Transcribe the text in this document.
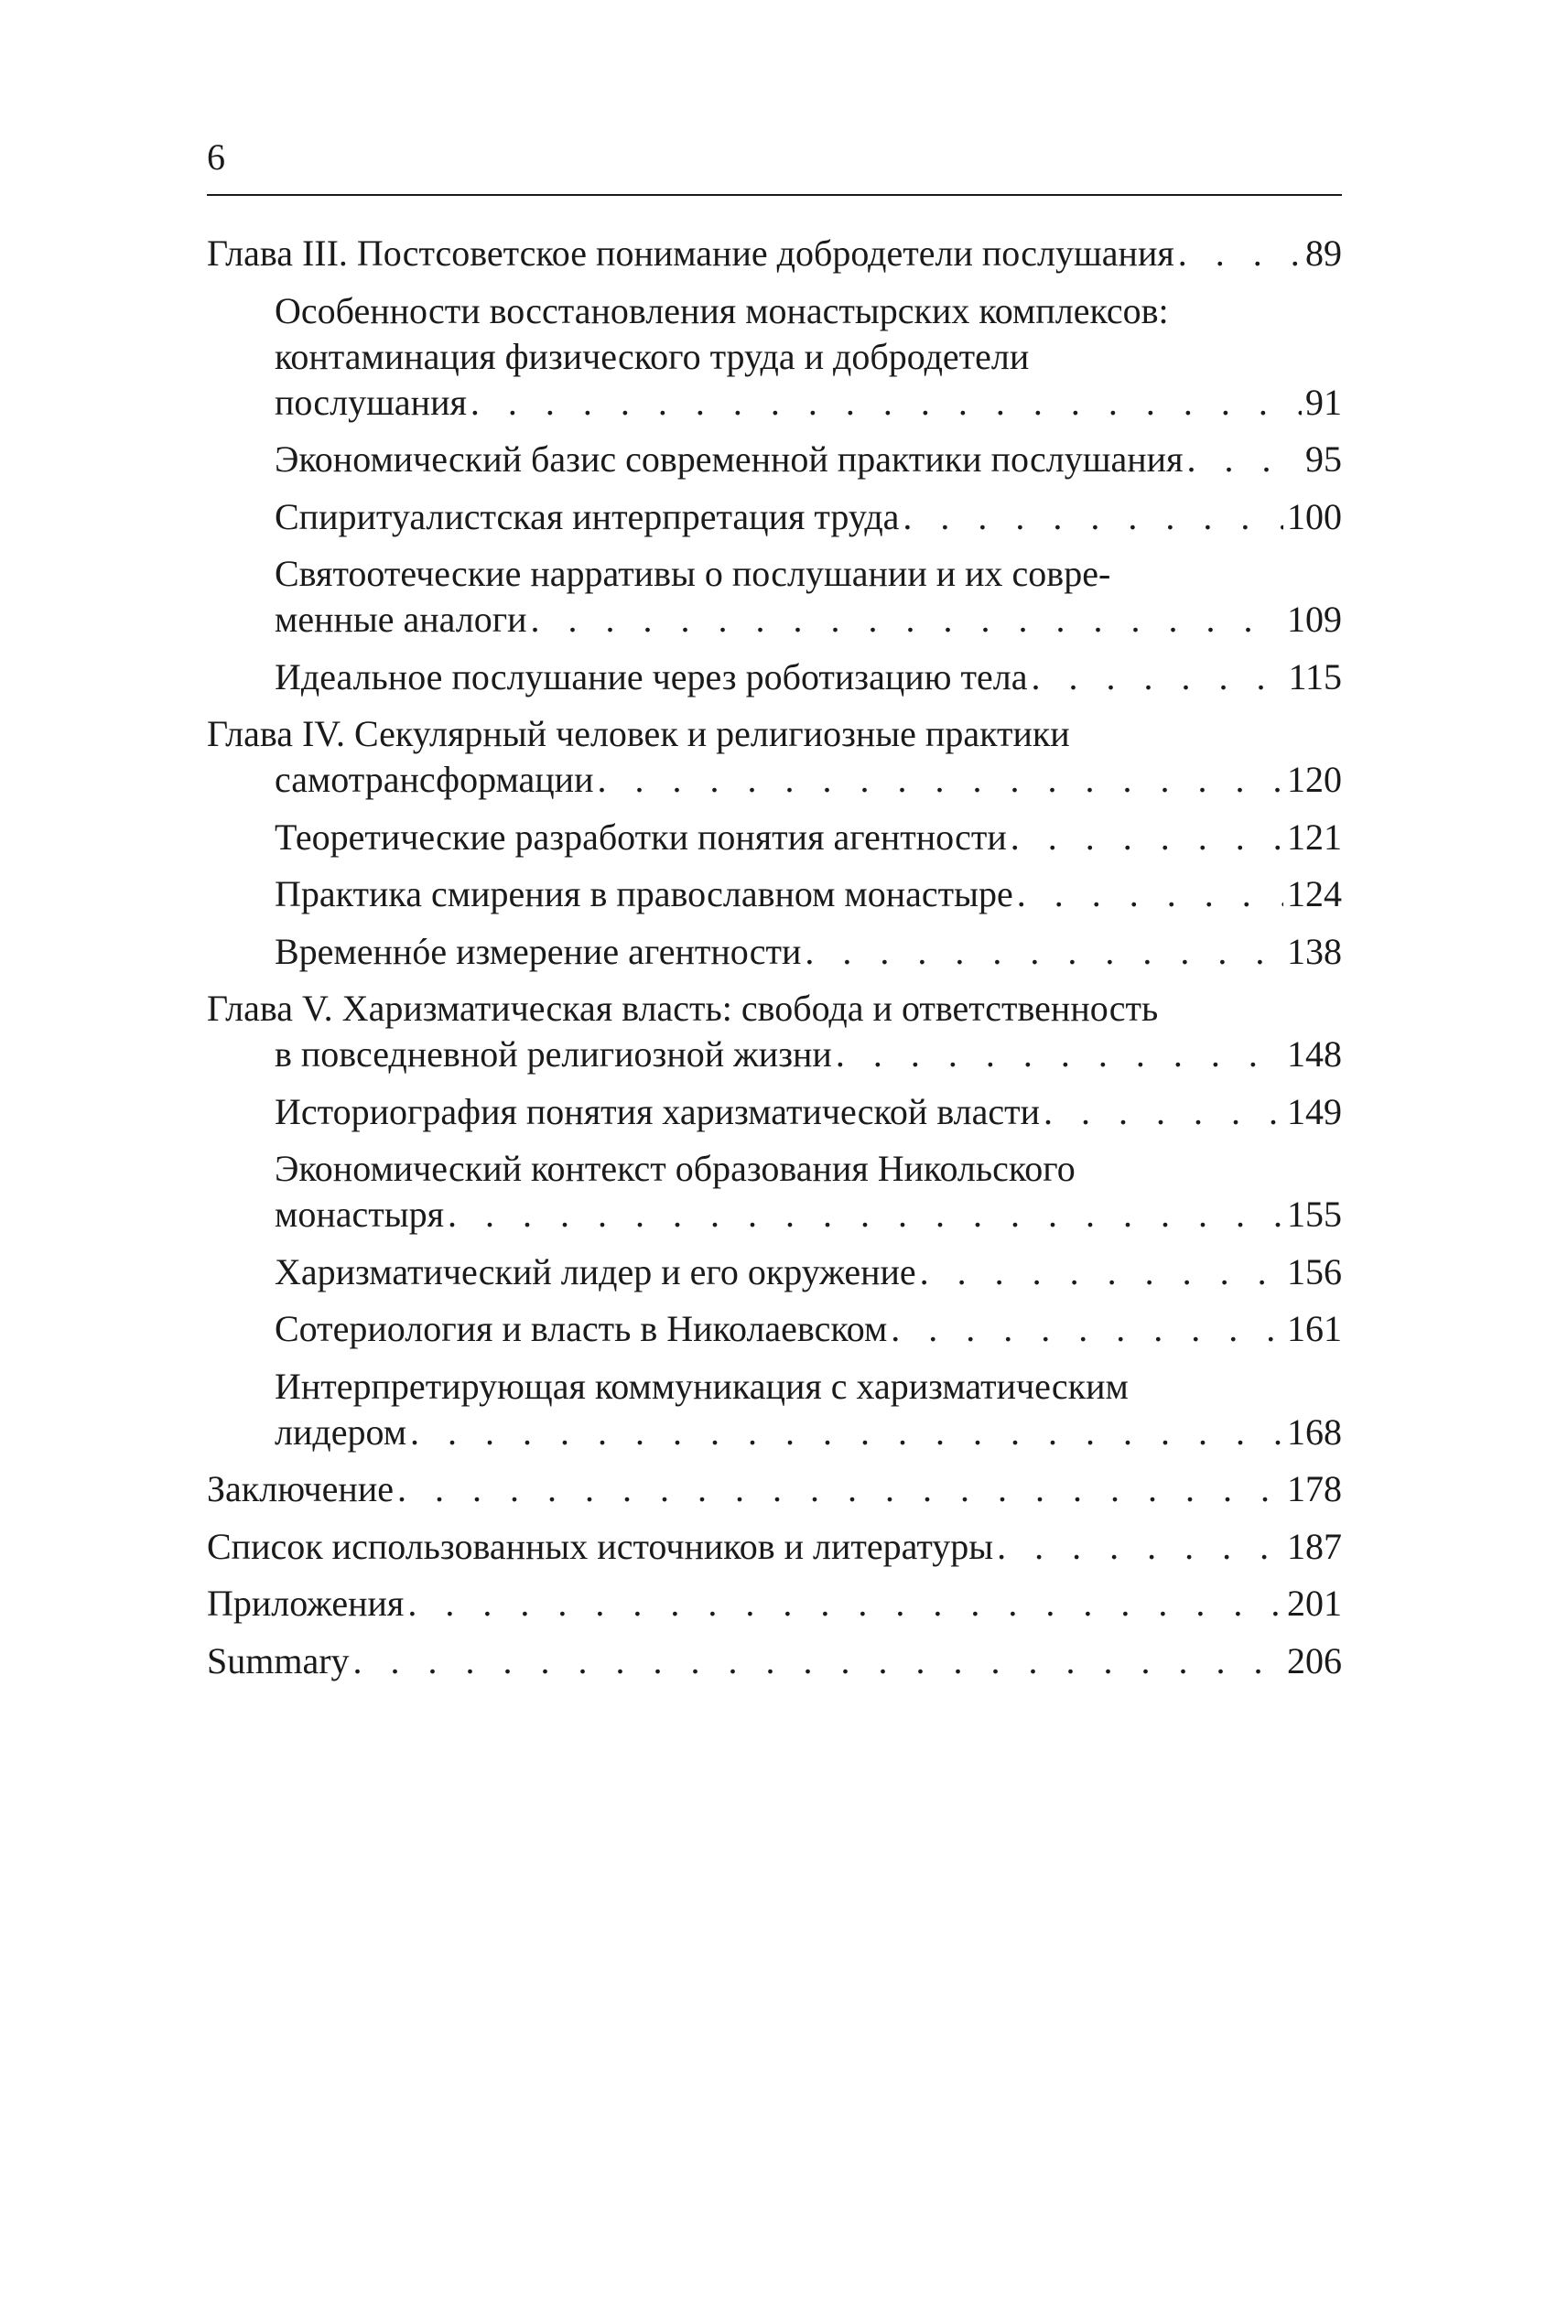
6
Глава III. Постсоветское понимание добродетели послушания . . .	89
Особенности восстановления монастырских комплексов:
контаминация физического труда и добродетели
послушания . . .	91
Экономический базис современной практики послушания . . .	95
Спиритуалистская интерпретация труда . . .	100
Святоотеческие нарративы о послушании и их совре-
менные аналоги . . .	109
Идеальное послушание через роботизацию тела . . .	115
Глава IV. Секулярный человек и религиозные практики
самотрансформации . . .	120
Теоретические разработки понятия агентности . . .	121
Практика смирения в православном монастыре . . .	124
Временнóе измерение агентности . . .	138
Глава V. Харизматическая власть: свобода и ответственность
в повседневной религиозной жизни . . .	148
Историография понятия харизматической власти . . .	149
Экономический контекст образования Никольского
монастыря . . .	155
Харизматический лидер и его окружение . . .	156
Сотериология и власть в Николаевском . . .	161
Интерпретирующая коммуникация с харизматическим
лидером . . .	168
Заключение . . .	178
Список использованных источников и литературы . . .	187
Приложения . . .	201
Summary . . .	206
